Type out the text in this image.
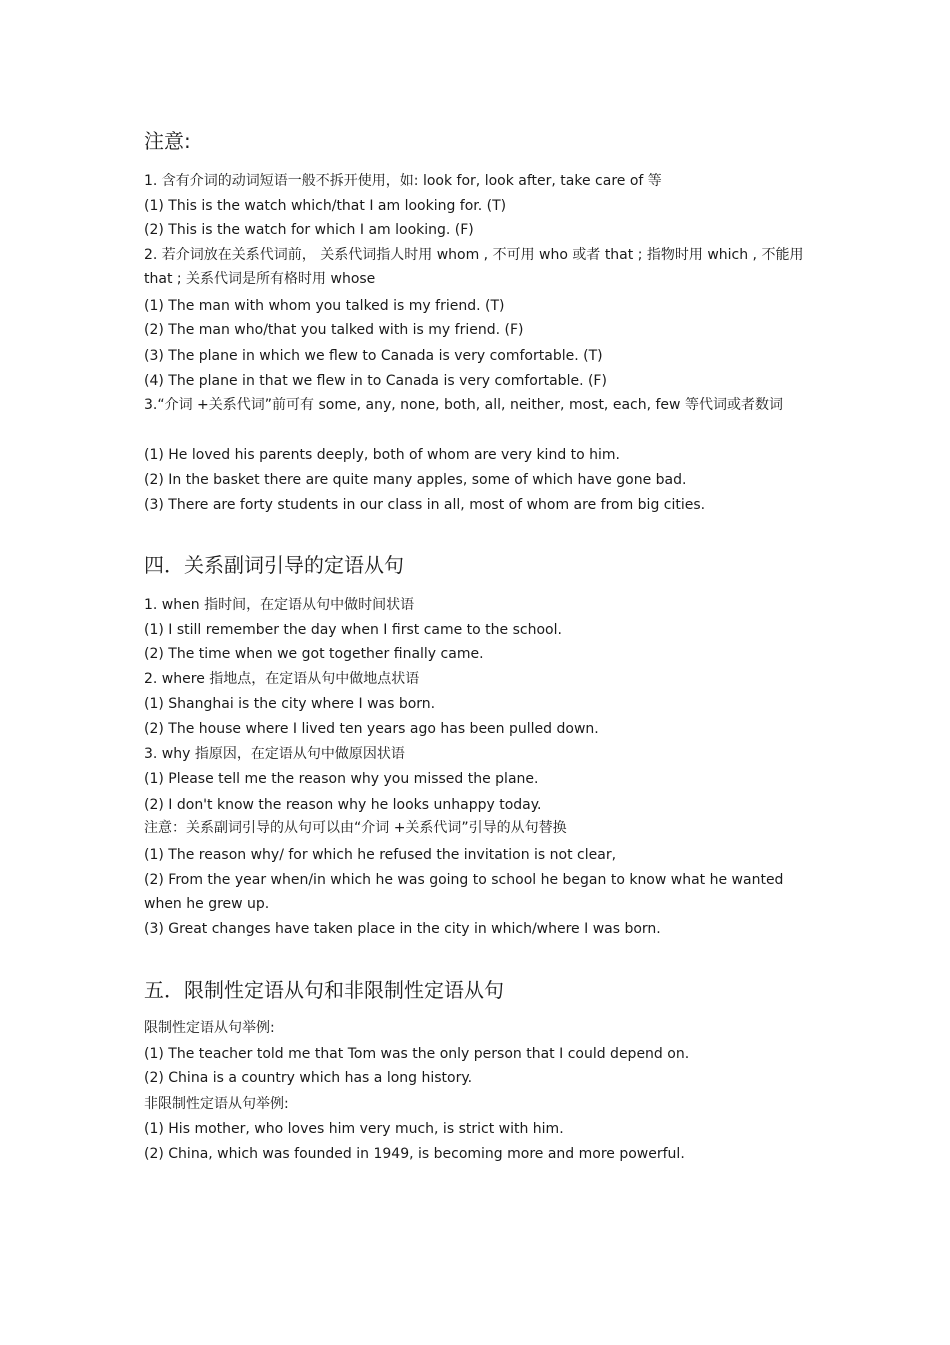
注意:
1. 含有介词的动词短语一般不拆开使用，如: look for, look after, take care of 等
(1) This is the watch which/that I am looking for. (T)
(2) This is the watch for which I am looking. (F)
2. 若介词放在关系代词前， 关系代词指人时用 whom , 不可用 who 或者 that ; 指物时用 which , 不能用 that ; 关系代词是所有格时用 whose
(1) The man with whom you talked is my friend. (T)
(2) The man who/that you talked with is my friend. (F)
(3) The plane in which we flew to Canada is very comfortable. (T)
(4) The plane in that we flew in to Canada is very comfortable. (F)
3.“介词 +关系代词”前可有 some, any, none, both, all, neither, most, each, few 等代词或者数词
(1) He loved his parents deeply, both of whom are very kind to him.
(2) In the basket there are quite many apples, some of which have gone bad.
(3) There are forty students in our class in all, most of whom are from big cities.
四．关系副词引导的定语从句
1. when 指时间，在定语从句中做时间状语
(1) I still remember the day when I first came to the school.
(2) The time when we got together finally came.
2. where 指地点，在定语从句中做地点状语
(1) Shanghai is the city where I was born.
(2) The house where I lived ten years ago has been pulled down.
3. why 指原因，在定语从句中做原因状语
(1) Please tell me the reason why you missed the plane.
(2) I don't know the reason why he looks unhappy today.
注意：关系副词引导的从句可以由“介词 +关系代词”引导的从句替换
(1) The reason why/ for which he refused the invitation is not clear,
(2) From the year when/in which he was going to school he began to know what he wanted when he grew up.
(3) Great changes have taken place in the city in which/where I was born.
五．限制性定语从句和非限制性定语从句
限制性定语从句举例:
(1) The teacher told me that Tom was the only person that I could depend on.
(2) China is a country which has a long history.
非限制性定语从句举例:
(1) His mother, who loves him very much, is strict with him.
(2) China, which was founded in 1949, is becoming more and more powerful.
